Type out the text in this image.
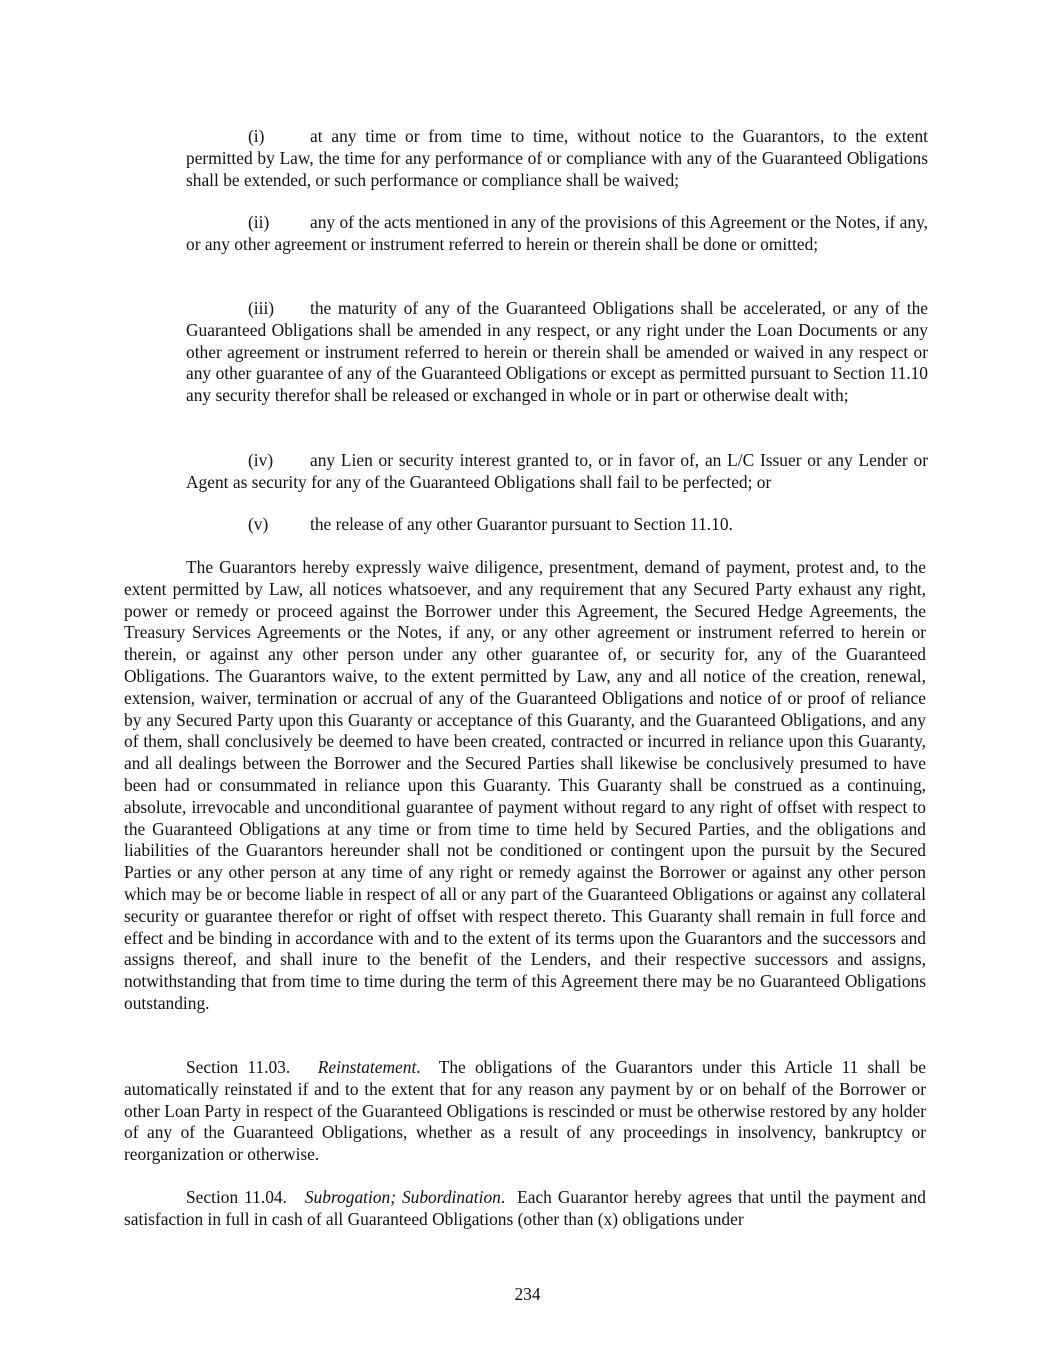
(i)	at any time or from time to time, without notice to the Guarantors, to the extent permitted by Law, the time for any performance of or compliance with any of the Guaranteed Obligations shall be extended, or such performance or compliance shall be waived;

(ii) any of the acts mentioned in any of the provisions of this Agreement or the Notes, if any, or any other agreement or instrument referred to herein or therein shall be done or omitted;

(iii) the maturity of any of the Guaranteed Obligations shall be accelerated, or any of the Guaranteed Obligations shall be amended in any respect, or any right under the Loan Documents or any other agreement or instrument referred to herein or therein shall be amended or waived in any respect or any other guarantee of any of the Guaranteed Obligations or except as permitted pursuant to Section 11.10 any security therefor shall be released or exchanged in whole or in part or otherwise dealt with;

(iv) any Lien or security interest granted to, or in favor of, an L/C Issuer or any Lender or Agent as security for any of the Guaranteed Obligations shall fail to be perfected; or

(v) the release of any other Guarantor pursuant to Section 11.10.

The Guarantors hereby expressly waive diligence, presentment, demand of payment, protest and, to the extent permitted by Law, all notices whatsoever, and any requirement that any Secured Party exhaust any right, power or remedy or proceed against the Borrower under this Agreement, the Secured Hedge Agreements, the Treasury Services Agreements or the Notes, if any, or any other agreement or instrument referred to herein or therein, or against any other person under any other guarantee of, or security for, any of the Guaranteed Obligations. The Guarantors waive, to the extent permitted by Law, any and all notice of the creation, renewal, extension, waiver, termination or accrual of any of the Guaranteed Obligations and notice of or proof of reliance by any Secured Party upon this Guaranty or acceptance of this Guaranty, and the Guaranteed Obligations, and any of them, shall conclusively be deemed to have been created, contracted or incurred in reliance upon this Guaranty, and all dealings between the Borrower and the Secured Parties shall likewise be conclusively presumed to have been had or consummated in reliance upon this Guaranty. This Guaranty shall be construed as a continuing, absolute, irrevocable and unconditional guarantee of payment without regard to any right of offset with respect to the Guaranteed Obligations at any time or from time to time held by Secured Parties, and the obligations and liabilities of the Guarantors hereunder shall not be conditioned or contingent upon the pursuit by the Secured Parties or any other person at any time of any right or remedy against the Borrower or against any other person which may be or become liable in respect of all or any part of the Guaranteed Obligations or against any collateral security or guarantee therefor or right of offset with respect thereto. This Guaranty shall remain in full force and effect and be binding in accordance with and to the extent of its terms upon the Guarantors and the successors and assigns thereof, and shall inure to the benefit of the Lenders, and their respective successors and assigns, notwithstanding that from time to time during the term of this Agreement there may be no Guaranteed Obligations outstanding.

Section 11.03. Reinstatement.  The obligations of the Guarantors under this Article 11 shall be automatically reinstated if and to the extent that for any reason any payment by or on behalf of the Borrower or other Loan Party in respect of the Guaranteed Obligations is rescinded or must be otherwise restored by any holder of any of the Guaranteed Obligations, whether as a result of any proceedings in insolvency, bankruptcy or reorganization or otherwise.

Section 11.04. Subrogation; Subordination.  Each Guarantor hereby agrees that until the payment and satisfaction in full in cash of all Guaranteed Obligations (other than (x) obligations under

234
